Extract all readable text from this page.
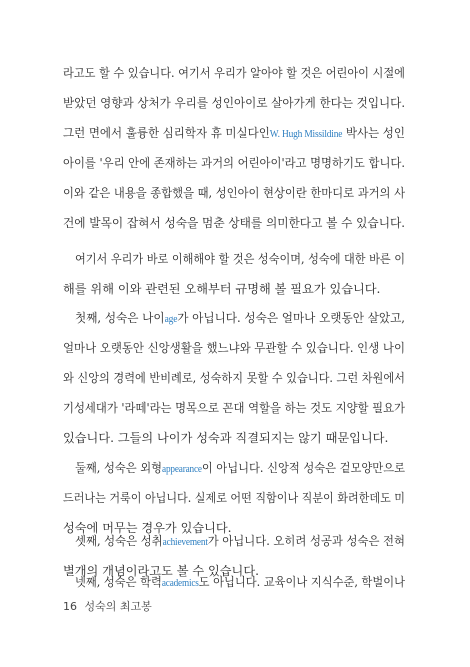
라고도 할 수 있습니다. 여기서 우리가 알아야 할 것은 어린아이 시절에
받았던 영향과 상처가 우리를 성인아이로 살아가게 한다는 것입니다.
그런 면에서 훌륭한 심리학자 휴 미실다인W. Hugh Missildine 박사는 성인
아이를 '우리 안에 존재하는 과거의 어린아이'라고 명명하기도 합니다.
이와 같은 내용을 종합했을 때, 성인아이 현상이란 한마디로 과거의 사
건에 발목이 잡혀서 성숙을 멈춘 상태를 의미한다고 볼 수 있습니다.
여기서 우리가 바로 이해해야 할 것은 성숙이며, 성숙에 대한 바른 이
해를 위해 이와 관련된 오해부터 규명해 볼 필요가 있습니다.
첫째, 성숙은 나이age가 아닙니다. 성숙은 얼마나 오랫동안 살았고,
얼마나 오랫동안 신앙생활을 했느냐와 무관할 수 있습니다. 인생 나이
와 신앙의 경력에 반비례로, 성숙하지 못할 수 있습니다. 그런 차원에서
기성세대가 '라떼'라는 명목으로 꼰대 역할을 하는 것도 지양할 필요가
있습니다. 그들의 나이가 성숙과 직결되지는 않기 때문입니다.
둘째, 성숙은 외형appearance이 아닙니다. 신앙적 성숙은 겉모양만으로
드러나는 거룩이 아닙니다. 실제로 어떤 직함이나 직분이 화려한데도 미
성숙에 머무는 경우가 있습니다.
셋째, 성숙은 성취achievement가 아닙니다. 오히려 성공과 성숙은 전혀
별개의 개념이라고도 볼 수 있습니다.
넷째, 성숙은 학력academics도 아닙니다. 교육이나 지식수준, 학벌이나
16 성숙의 최고봉
